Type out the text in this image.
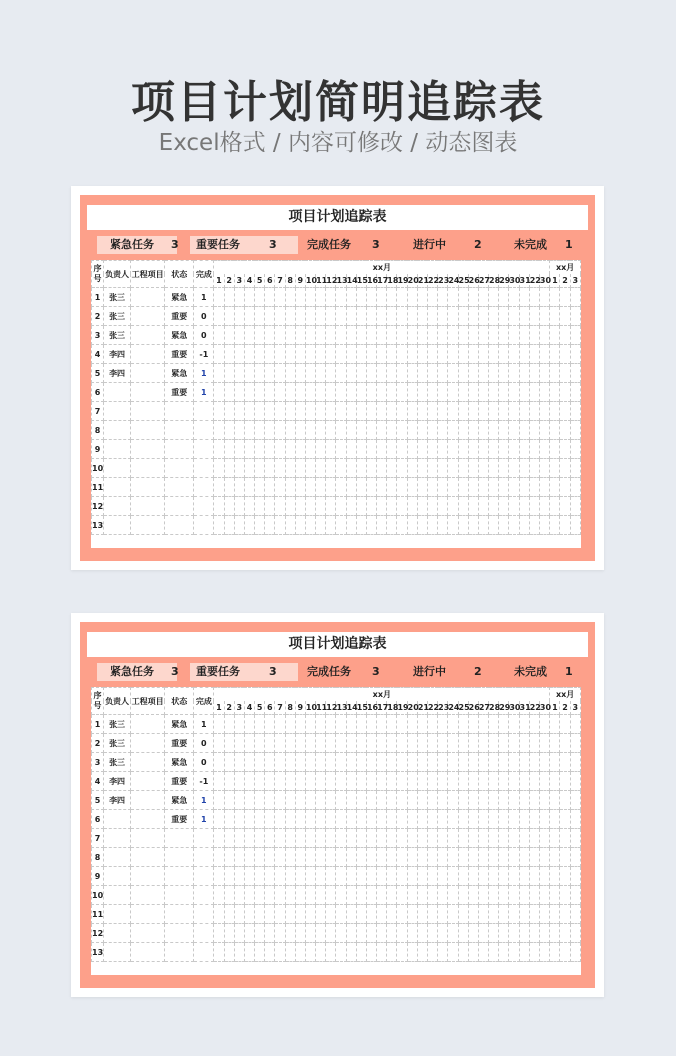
项目计划简明追踪表
Excel格式 / 内容可修改 / 动态图表
项目计划追踪表
紧急任务 3 重要任务	3	完成任务 3	进行中	2	未完成 1
序号	负责人	工程项目	状态	完成	xx月																																	xx月		
					1	2	3	4	5	6	7	8	9	10	11	12	13	14	15	16	17	18	19	20	21	22	23	24	25	26	27	28	29	30	31	22	30	1	2	3
1	张三		紧急	1																																				
2	张三		重要	0																																				
3	张三		紧急	0																																				
4	李四		重要	-1																																				
5	李四		紧急	1																																				
6			重要	1																																				
7																																								
8																																								
9																																								
10																																								
11																																								
12																																								
13																																								
项目计划追踪表
紧急任务 3 重要任务	3	完成任务 3	进行中	2	未完成 1
序号	负责人	工程项目	状态	完成	xx月																																	xx月		
					1	2	3	4	5	6	7	8	9	10	11	12	13	14	15	16	17	18	19	20	21	22	23	24	25	26	27	28	29	30	31	22	30	1	2	3
1	张三		紧急	1																																				
2	张三		重要	0																																				
3	张三		紧急	0																																				
4	李四		重要	-1																																				
5	李四		紧急	1																																				
6			重要	1																																				
7																																								
8																																								
9																																								
10																																								
11																																								
12																																								
13																																								
